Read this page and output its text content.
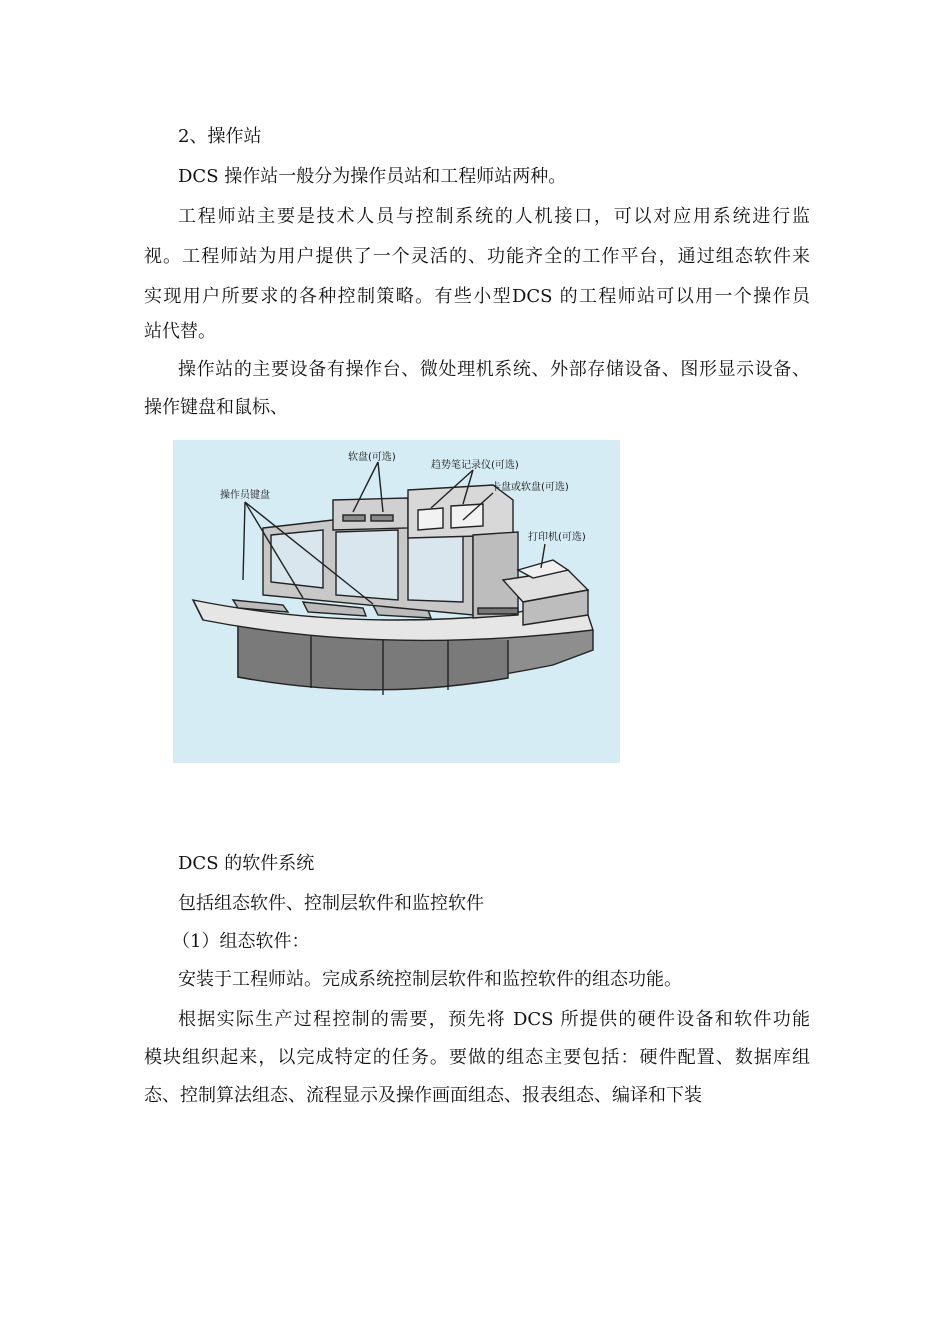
2、操作站
DCS 操作站一般分为操作员站和工程师站两种。
工程师站主要是技术人员与控制系统的人机接口，可以对应用系统进行监
视。工程师站为用户提供了一个灵活的、功能齐全的工作平台，通过组态软件来
实现用户所要求的各种控制策略。有些小型DCS 的工程师站可以用一个操作员
站代替。
操作站的主要设备有操作台、微处理机系统、外部存储设备、图形显示设备、
操作键盘和鼠标、
软盘(可选)
趋势笔记录仪(可选)
卡盘或软盘(可选)
操作员键盘
打印机(可选)
DCS 的软件系统
包括组态软件、控制层软件和监控软件
（1）组态软件：
安装于工程师站。完成系统控制层软件和监控软件的组态功能。
根据实际生产过程控制的需要，预先将 DCS 所提供的硬件设备和软件功能
模块组织起来，以完成特定的任务。要做的组态主要包括：硬件配置、数据库组
态、控制算法组态、流程显示及操作画面组态、报表组态、编译和下装
